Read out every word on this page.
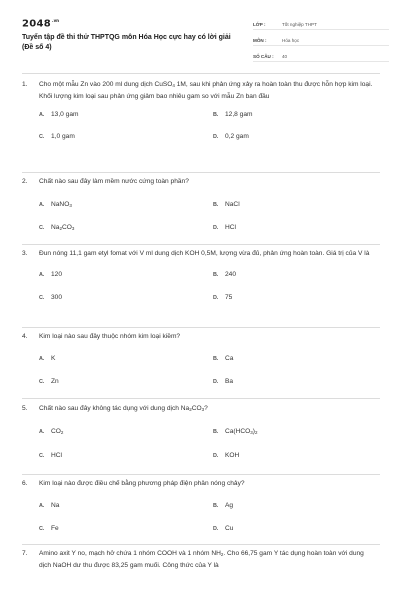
$2048^{.vn}$
Tuyển tập đề thi thử THPTQG môn Hóa Học cực hay có lời giải (Đề số 4)
LỚP :	Tốt nghiệp THPT
MÔN :	Hóa học
SỐ CÂU :	40
1.	Cho một mẫu Zn vào 200 ml dung dịch CuSO$_4$ 1M, sau khi phản ứng xảy ra hoàn toàn thu được hỗn hợp kim loại. Khối lượng kim loại sau phản ứng giảm bao nhiêu gam so với mẫu Zn ban đầu
A. 13,0 gam	B. 12,8 gam
C. 1,0 gam	D. 0,2 gam
2.	Chất nào sau đây làm mềm nước cứng toàn phần?
A. NaNO$_3$	B. NaCl
C. $Na_2CO_3$	D. HCl
3.	Đun nóng 11,1 gam etyl fomat với V ml dung dịch KOH 0,5M, lượng vừa đủ, phản ứng hoàn toàn. Giá trị của V là
A. 120	B. 240
C. 300	D. 75
4.	Kim loại nào sau đây thuộc nhóm kim loại kiềm?
A. K	B. Ca
C. Zn	D. Ba
5.	Chất nào sau đây không tác dụng với dung dịch $Na_2CO_3$?
A. $CO_2$	B. $Ca(HCO_3)_2$
C. HCl	D. KOH
6.	Kim loại nào được điều chế bằng phương pháp điện phân nóng chảy?
A. Na	B. Ag
C. Fe	D. Cu
7.	Amino axit Y no, mạch hở chứa 1 nhóm COOH và 1 nhóm $NH_2$. Cho 66,75 gam Y tác dụng hoàn toàn với dung dịch NaOH dư thu được 83,25 gam muối. Công thức của Y là
